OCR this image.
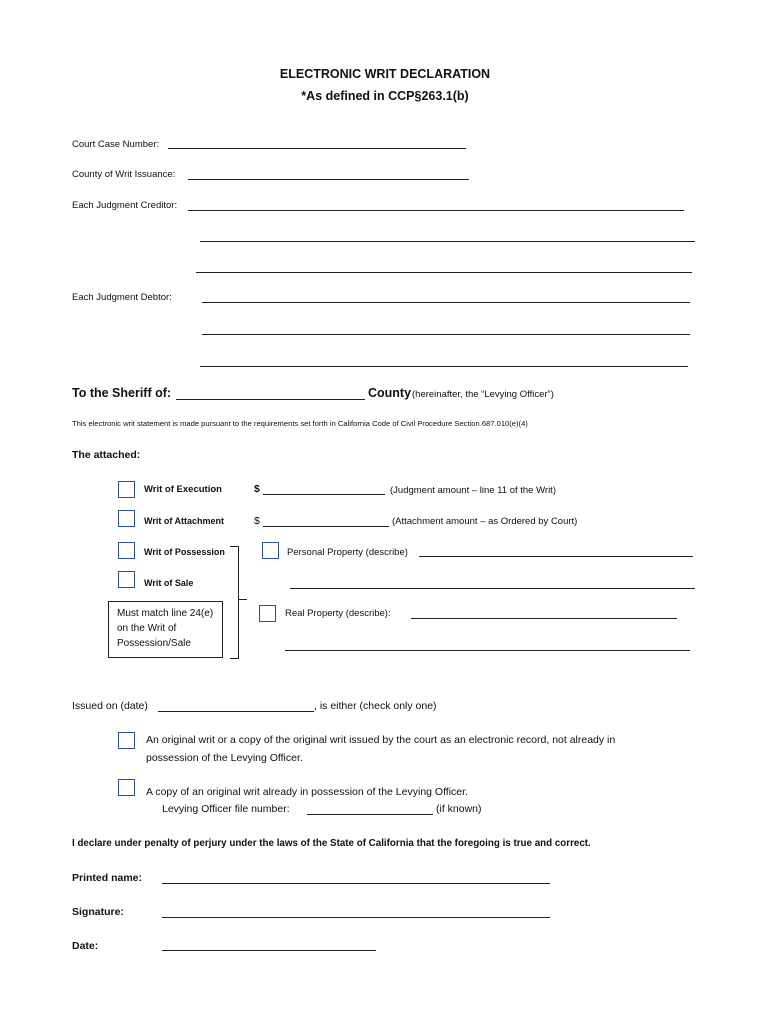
ELECTRONIC WRIT DECLARATION
*As defined in CCP§263.1(b)
Court Case Number:
County of Writ Issuance:
Each Judgment Creditor:
Each Judgment Debtor:
To the Sheriff of:	County (hereinafter, the “Levying Officer”)
This electronic writ statement is made pursuant to the requirements set forth in California Code of Civil Procedure Section 687.010(e)(4)
The attached:
Writ of Execution	$	(Judgment amount – line 11 of the Writ)
Writ of Attachment	$	(Attachment amount – as Ordered by Court)
Writ of Possession	Personal Property (describe)
Writ of Sale
Must match line 24(e) on the Writ of Possession/Sale
Real Property (describe):
Issued on (date)	, is either (check only one)
An original writ or a copy of the original writ issued by the court as an electronic record, not already in
possession of the Levying Officer.
A copy of an original writ already in possession of the Levying Officer.
Levying Officer file number:	(if known)
I declare under penalty of perjury under the laws of the State of California that the foregoing is true and correct.
Printed name:
Signature:
Date:
